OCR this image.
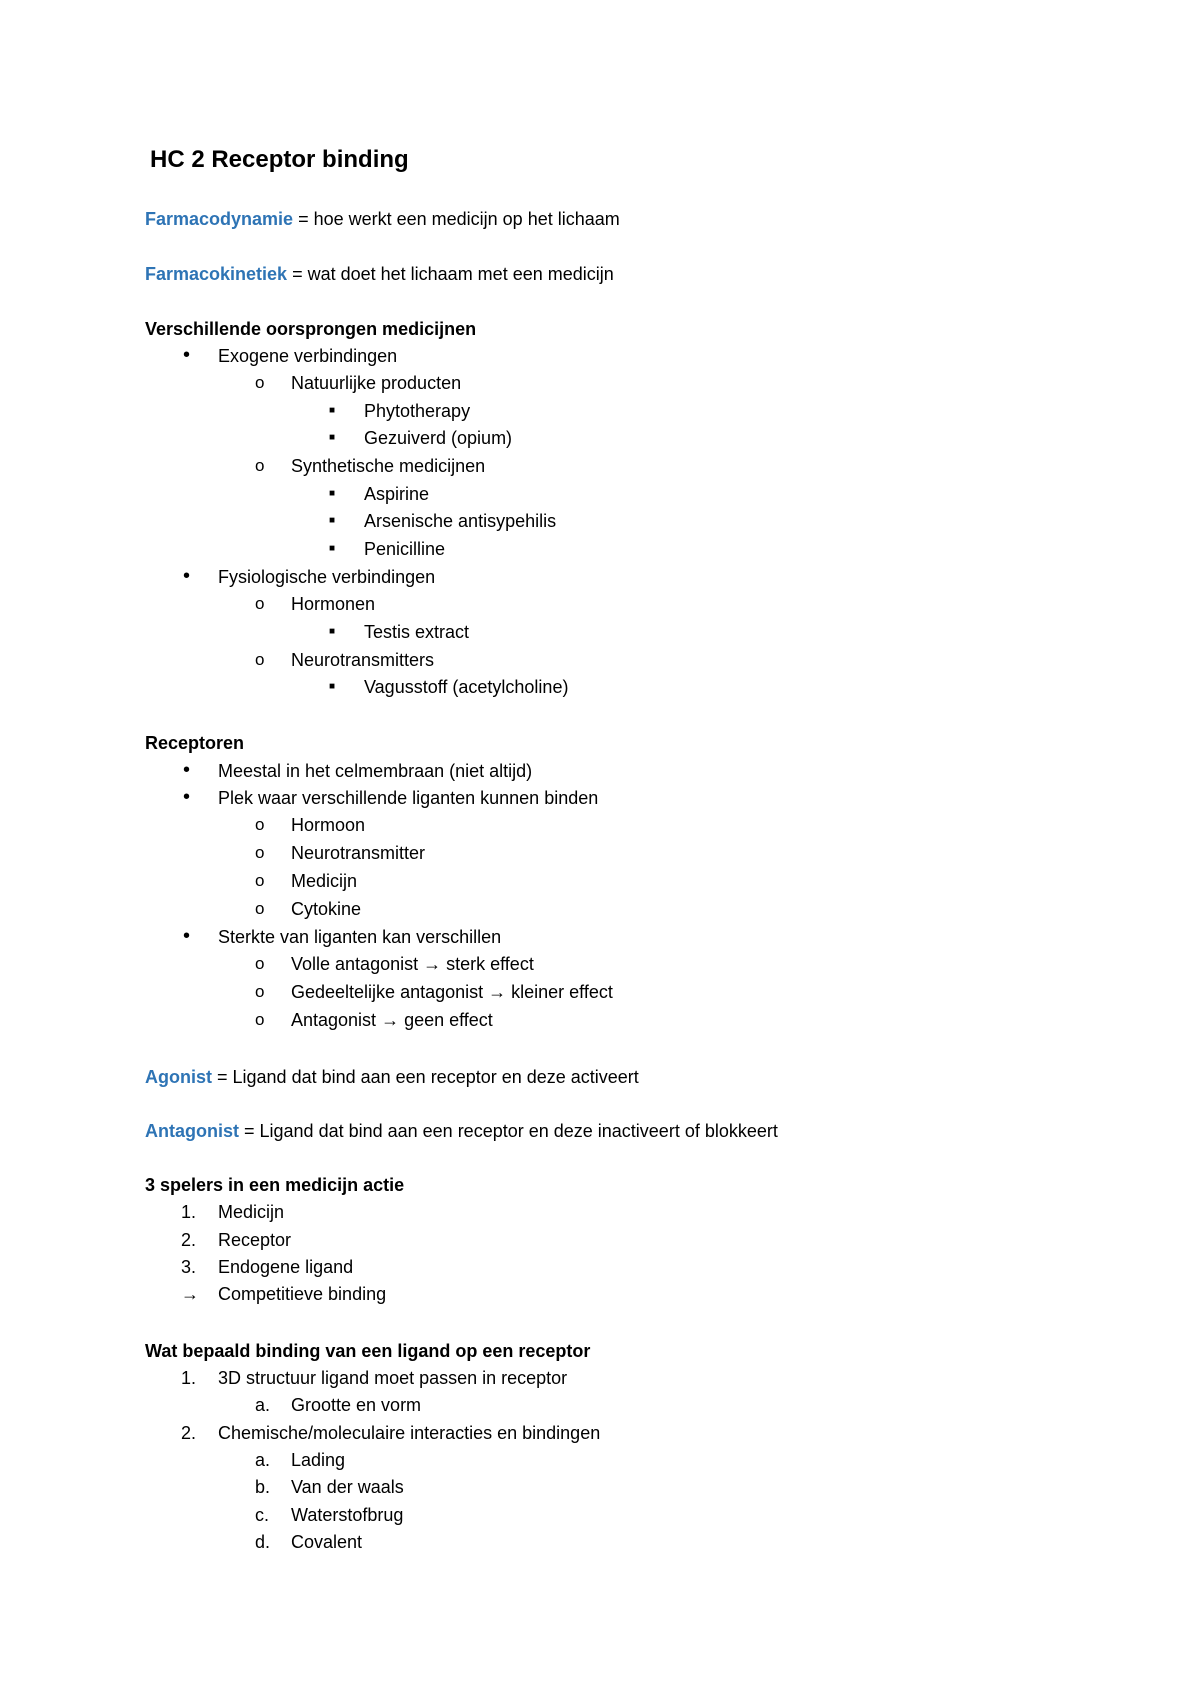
HC 2 Receptor binding
Farmacodynamie = hoe werkt een medicijn op het lichaam
Farmacokinetiek = wat doet het lichaam met een medicijn
Verschillende oorsprongen medicijnen
• Exogene verbindingen
o Natuurlijke producten
■ Phytotherapy
■ Gezuiverd (opium)
o Synthetische medicijnen
■ Aspirine
■ Arsenische antisypehilis
■ Penicilline
• Fysiologische verbindingen
o Hormonen
■ Testis extract
o Neurotransmitters
■ Vagusstoff (acetylcholine)
Receptoren
• Meestal in het celmembraan (niet altijd)
• Plek waar verschillende liganten kunnen binden
o Hormoon
o Neurotransmitter
o Medicijn
o Cytokine
• Sterkte van liganten kan verschillen
o Volle antagonist → sterk effect
o Gedeeltelijke antagonist → kleiner effect
o Antagonist → geen effect
Agonist = Ligand dat bind aan een receptor en deze activeert
Antagonist = Ligand dat bind aan een receptor en deze inactiveert of blokkeert
3 spelers in een medicijn actie
1. Medicijn
2. Receptor
3. Endogene ligand
→ Competitieve binding
Wat bepaald binding van een ligand op een receptor
1. 3D structuur ligand moet passen in receptor
a. Grootte en vorm
2. Chemische/moleculaire interacties en bindingen
a. Lading
b. Van der waals
c. Waterstofbrug
d. Covalent
